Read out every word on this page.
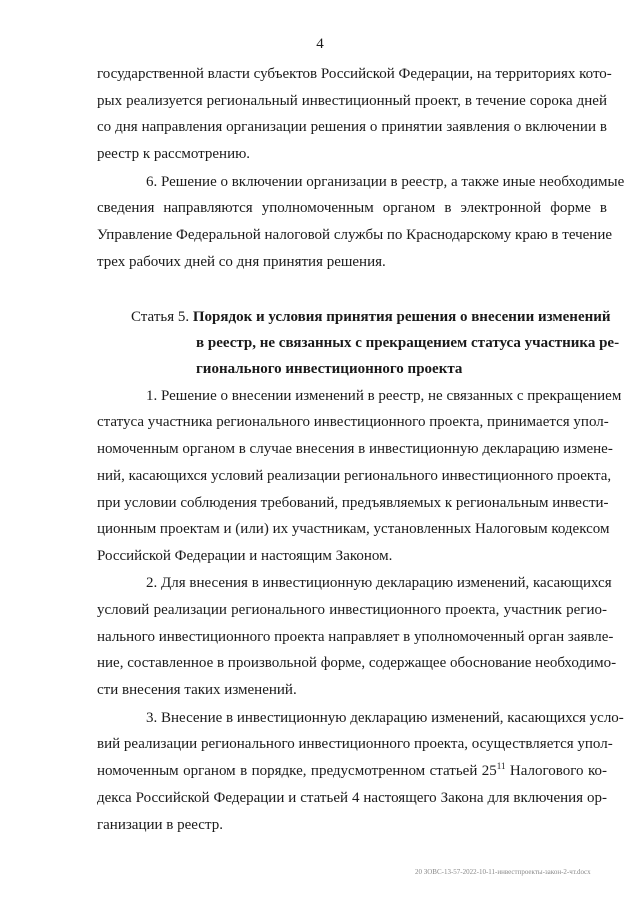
4
государственной власти субъектов Российской Федерации, на территориях кото-
рых реализуется региональный инвестиционный проект, в течение сорока дней
со дня направления организации решения о принятии заявления о включении в
реестр к рассмотрению.
6. Решение о включении организации в реестр, а также иные необходимые
сведения направляются уполномоченным органом в электронной форме в
Управление Федеральной налоговой службы по Краснодарскому краю в течение
трех рабочих дней со дня принятия решения.
Статья 5. Порядок и условия принятия решения о внесении изменений
в реестр, не связанных с прекращением статуса участника ре-
гионального инвестиционного проекта
1. Решение о внесении изменений в реестр, не связанных с прекращением
статуса участника регионального инвестиционного проекта, принимается упол-
номоченным органом в случае внесения в инвестиционную декларацию измене-
ний, касающихся условий реализации регионального инвестиционного проекта,
при условии соблюдения требований, предъявляемых к региональным инвести-
ционным проектам и (или) их участникам, установленных Налоговым кодексом
Российской Федерации и настоящим Законом.
2. Для внесения в инвестиционную декларацию изменений, касающихся
условий реализации регионального инвестиционного проекта, участник регио-
нального инвестиционного проекта направляет в уполномоченный орган заявле-
ние, составленное в произвольной форме, содержащее обоснование необходимо-
сти внесения таких изменений.
3. Внесение в инвестиционную декларацию изменений, касающихся усло-
вий реализации регионального инвестиционного проекта, осуществляется упол-
номоченным органом в порядке, предусмотренном статьей $25^{11}$ Налогового ко-
декса Российской Федерации и статьей 4 настоящего Закона для включения ор-
ганизации в реестр.
20 ЗОВС-13-57-2022-10-11-инвестпроекты-закон-2-чт.docx
